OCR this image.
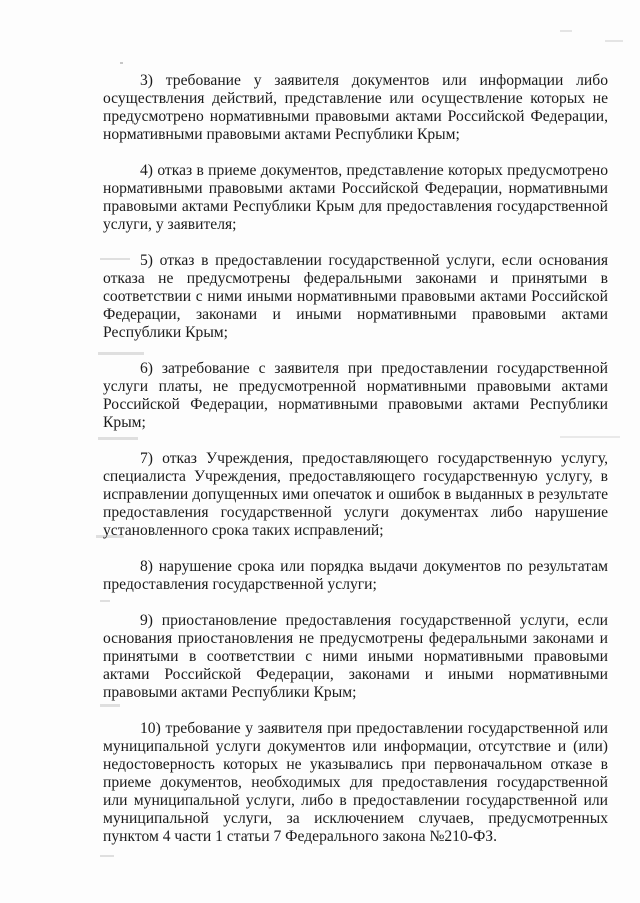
3) требование у заявителя документов или информации либо осуществления действий, представление или осуществление которых не предусмотрено нормативными правовыми актами Российской Федерации, нормативными правовыми актами Республики Крым;

4) отказ в приеме документов, представление которых предусмотрено нормативными правовыми актами Российской Федерации, нормативными правовыми актами Республики Крым для предоставления государственной услуги, у заявителя;

5) отказ в предоставлении государственной услуги, если основания отказа не предусмотрены федеральными законами и принятыми в соответствии с ними иными нормативными правовыми актами Российской Федерации, законами и иными нормативными правовыми актами Республики Крым;

6) затребование с заявителя при предоставлении государственной услуги платы, не предусмотренной нормативными правовыми актами Российской Федерации, нормативными правовыми актами Республики Крым;

7) отказ Учреждения, предоставляющего государственную услугу, специалиста Учреждения, предоставляющего государственную услугу, в исправлении допущенных ими опечаток и ошибок в выданных в результате предоставления государственной услуги документах либо нарушение установленного срока таких исправлений;

8) нарушение срока или порядка выдачи документов по результатам предоставления государственной услуги;

9) приостановление предоставления государственной услуги, если основания приостановления не предусмотрены федеральными законами и принятыми в соответствии с ними иными нормативными правовыми актами Российской Федерации, законами и иными нормативными правовыми актами Республики Крым;

10) требование у заявителя при предоставлении государственной или муниципальной услуги документов или информации, отсутствие и (или) недостоверность которых не указывались при первоначальном отказе в приеме документов, необходимых для предоставления государственной или муниципальной услуги, либо в предоставлении государственной или муниципальной услуги, за исключением случаев, предусмотренных пунктом 4 части 1 статьи 7 Федерального закона №210-ФЗ.
